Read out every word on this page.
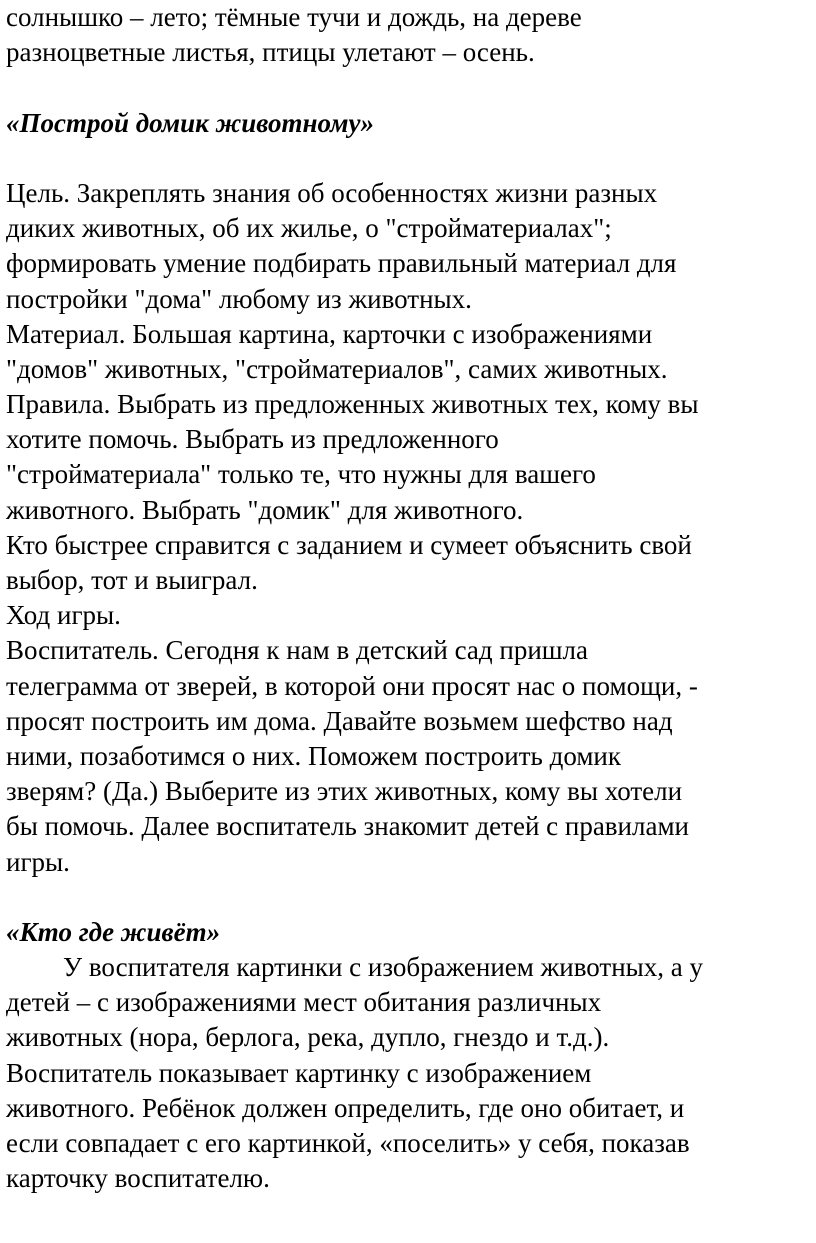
солнышко – лето; тёмные тучи и дождь, на дереве
разноцветные листья, птицы улетают – осень.
«Построй домик животному»
Цель. Закреплять знания об особенностях жизни разных
диких животных, об их жилье, о "стройматериалах";
формировать умение подбирать правильный материал для
постройки "дома" любому из животных.
Материал. Большая картина, карточки с изображениями
"домов" животных, "стройматериалов", самих животных.
Правила. Выбрать из предложенных животных тех, кому вы
хотите помочь. Выбрать из предложенного
"стройматериала" только те, что нужны для вашего
животного. Выбрать "домик" для животного.
Кто быстрее справится с заданием и сумеет объяснить свой
выбор, тот и выиграл.
Ход игры.
Воспитатель. Сегодня к нам в детский сад пришла
телеграмма от зверей, в которой они просят нас о помощи, -
просят построить им дома. Давайте возьмем шефство над
ними, позаботимся о них. Поможем построить домик
зверям? (Да.) Выберите из этих животных, кому вы хотели
бы помочь. Далее воспитатель знакомит детей с правилами
игры.
«Кто где живёт»
У воспитателя картинки с изображением животных, а у
детей – с изображениями мест обитания различных
животных (нора, берлога, река, дупло, гнездо и т.д.).
Воспитатель показывает картинку с изображением
животного. Ребёнок должен определить, где оно обитает, и
если совпадает с его картинкой, «поселить» у себя, показав
карточку воспитателю.
